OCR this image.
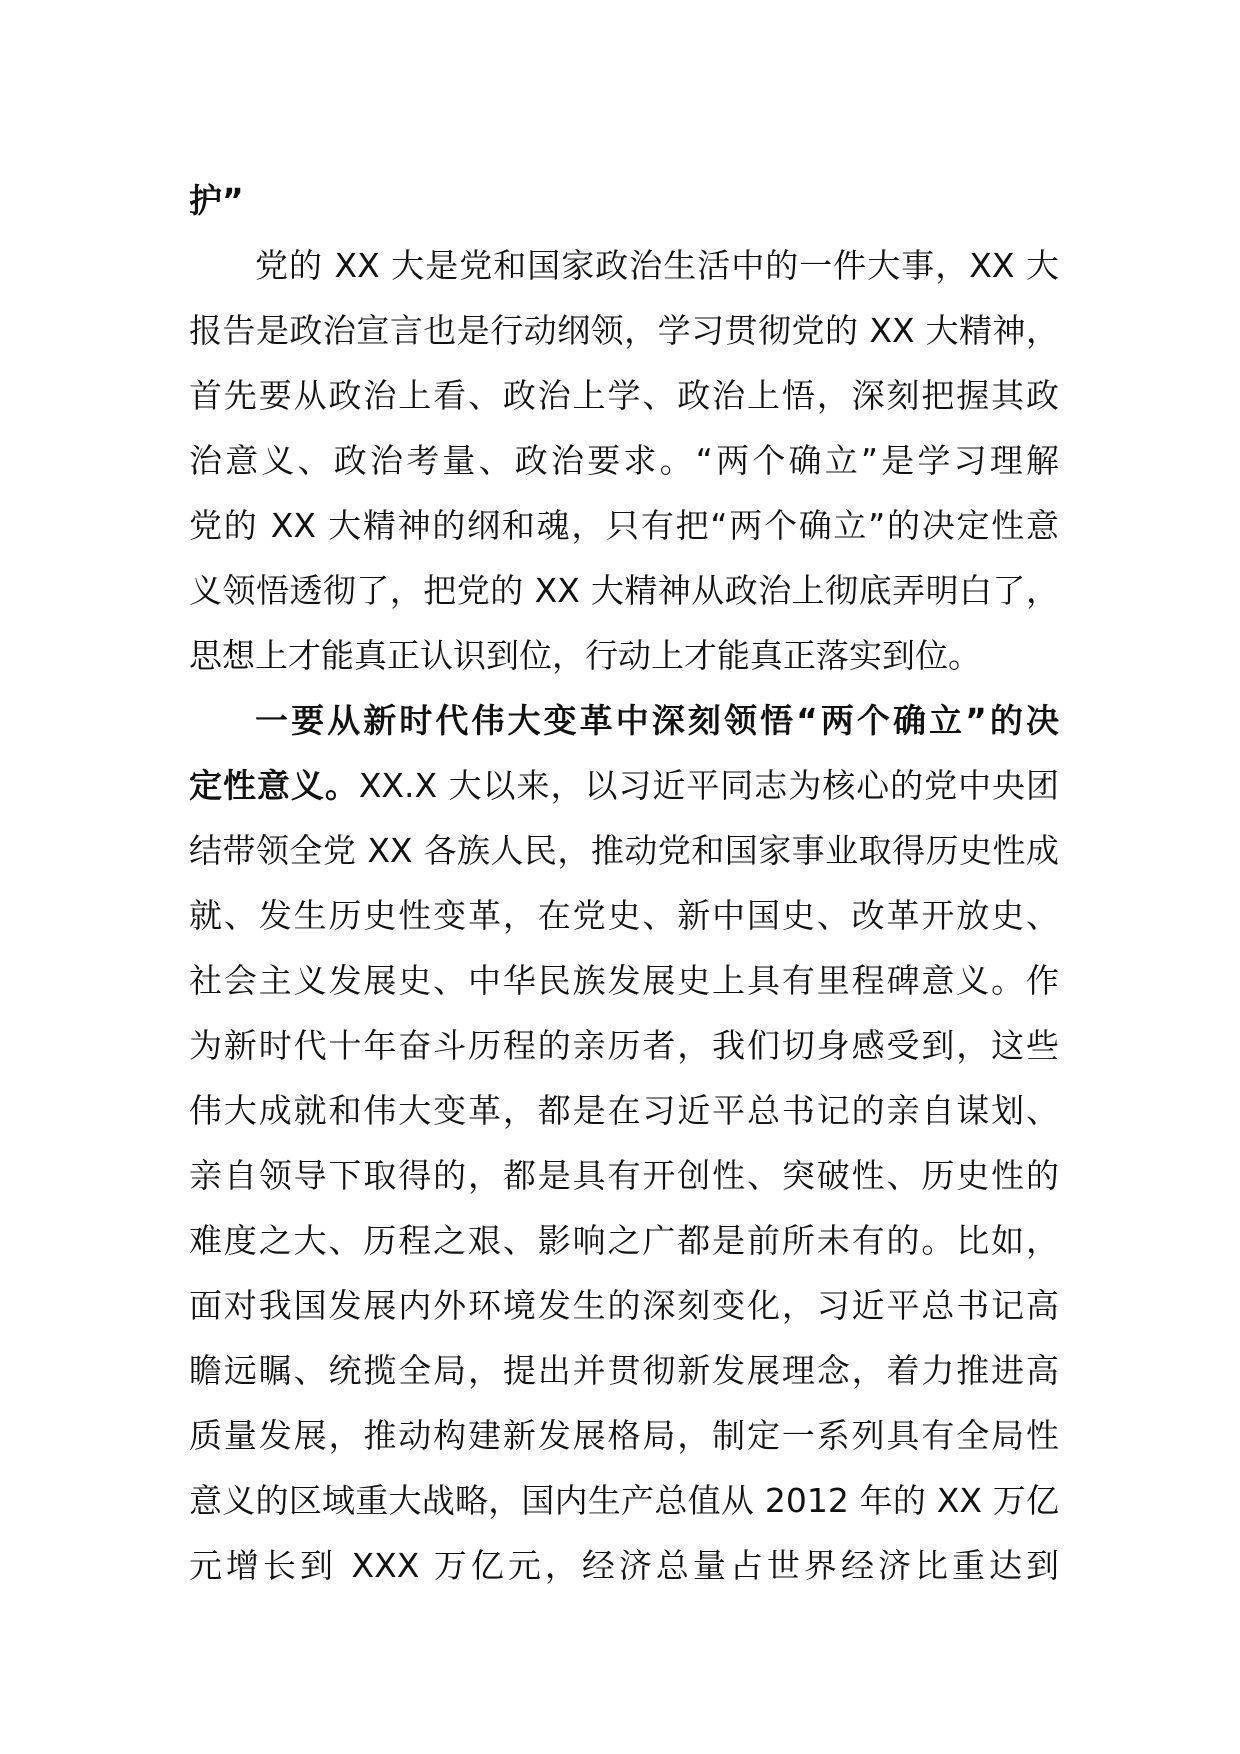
护”
党的 XX 大是党和国家政治生活中的一件大事，XX 大
报告是政治宣言也是行动纲领，学习贯彻党的 XX 大精神，
首先要从政治上看、政治上学、政治上悟，深刻把握其政
治意义、政治考量、政治要求。“两个确立”是学习理解
党的 XX 大精神的纲和魂，只有把“两个确立”的决定性意
义领悟透彻了，把党的 XX 大精神从政治上彻底弄明白了，
思想上才能真正认识到位，行动上才能真正落实到位。
一要从新时代伟大变革中深刻领悟“两个确立”的决
定性意义。XX.X 大以来，以习近平同志为核心的党中央团
结带领全党 XX 各族人民，推动党和国家事业取得历史性成
就、发生历史性变革，在党史、新中国史、改革开放史、
社会主义发展史、中华民族发展史上具有里程碑意义。作
为新时代十年奋斗历程的亲历者，我们切身感受到，这些
伟大成就和伟大变革，都是在习近平总书记的亲自谋划、
亲自领导下取得的，都是具有开创性、突破性、历史性的
难度之大、历程之艰、影响之广都是前所未有的。比如，
面对我国发展内外环境发生的深刻变化，习近平总书记高
瞻远瞩、统揽全局，提出并贯彻新发展理念，着力推进高
质量发展，推动构建新发展格局，制定一系列具有全局性
意义的区域重大战略，国内生产总值从 2012 年的 XX 万亿
元增长到 XXX 万亿元，经济总量占世界经济比重达到
